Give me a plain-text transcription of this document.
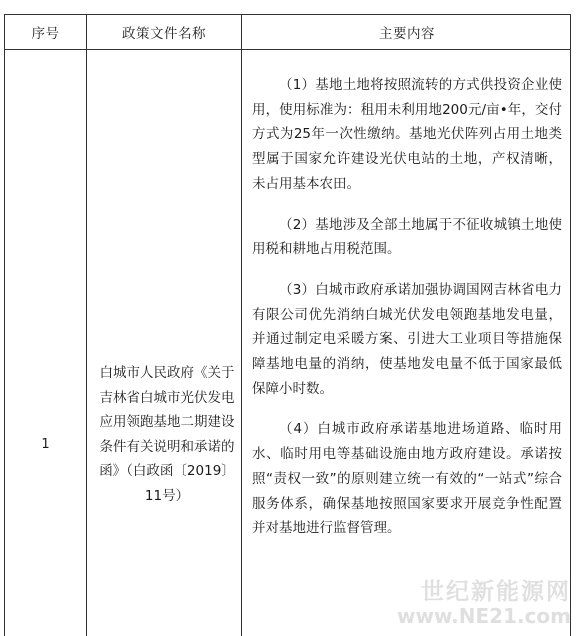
序号	政策文件名称	主要内容
1
白城市人民政府《关于吉林省白城市光伏发电应用领跑基地二期建设条件有关说明和承诺的函》（白政函〔2019〕11号）

（1）基地土地将按照流转的方式供投资企业使用，使用标准为：租用未利用地200元/亩•年，交付方式为25年一次性缴纳。基地光伏阵列占用土地类型属于国家允许建设光伏电站的土地，产权清晰，未占用基本农田。

（2）基地涉及全部土地属于不征收城镇土地使用税和耕地占用税范围。

（3）白城市政府承诺加强协调国网吉林省电力有限公司优先消纳白城光伏发电领跑基地发电量，并通过制定电采暖方案、引进大工业项目等措施保障基地电量的消纳，使基地发电量不低于国家最低保障小时数。

（4）白城市政府承诺基地进场道路、临时用水、临时用电等基础设施由地方政府建设。承诺按照“责权一致”的原则建立统一有效的“一站式”综合服务体系，确保基地按照国家要求开展竞争性配置并对基地进行监督管理。

世纪新能源网
www.NE21.com
